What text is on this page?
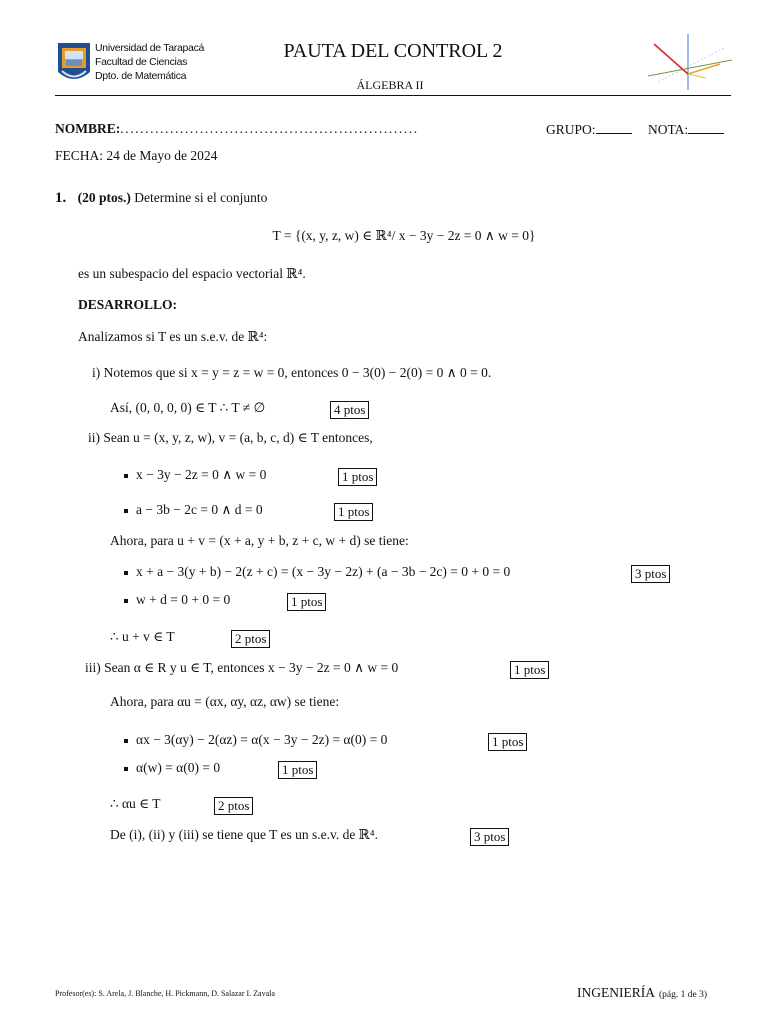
Universidad de Tarapacá
Facultad de Ciencias
Dpto. de Matemática
PAUTA DEL CONTROL 2
ÁLGEBRA II
NOMBRE:............................................................	GRUPO:	NOTA:
FECHA: 24 de Mayo de 2024
1. (20 ptos.) Determine si el conjunto
T = {(x, y, z, w) ∈ ℝ⁴/ x − 3y − 2z = 0 ∧ w = 0}
es un subespacio del espacio vectorial ℝ⁴.
DESARROLLO:
Analizamos si T es un s.e.v. de ℝ⁴:
i) Notemos que si x = y = z = w = 0, entonces 0 − 3(0) − 2(0) = 0 ∧ 0 = 0.
Así, (0, 0, 0, 0) ∈ T ∴ T ≠ ∅	4 ptos
ii) Sean u = (x, y, z, w), v = (a, b, c, d) ∈ T entonces,
x − 3y − 2z = 0 ∧ w = 0	1 ptos
a − 3b − 2c = 0 ∧ d = 0	1 ptos
Ahora, para u + v = (x + a, y + b, z + c, w + d) se tiene:
x + a − 3(y + b) − 2(z + c) = (x − 3y − 2z) + (a − 3b − 2c) = 0 + 0 = 0	3 ptos
w + d = 0 + 0 = 0	1 ptos
∴ u + v ∈ T	2 ptos
iii) Sean α ∈ R y u ∈ T, entonces x − 3y − 2z = 0 ∧ w = 0	1 ptos
Ahora, para αu = (αx, αy, αz, αw) se tiene:
αx − 3(αy) − 2(αz) = α(x − 3y − 2z) = α(0) = 0	1 ptos
α(w) = α(0) = 0	1 ptos
∴ αu ∈ T	2 ptos
De (i), (ii) y (iii) se tiene que T es un s.e.v. de ℝ⁴.	3 ptos
Profesor(es): S. Arela, J. Blanche, H. Pickmann, D. Salazar I. Zavala	INGENIERÍA (pág. 1 de 3)
